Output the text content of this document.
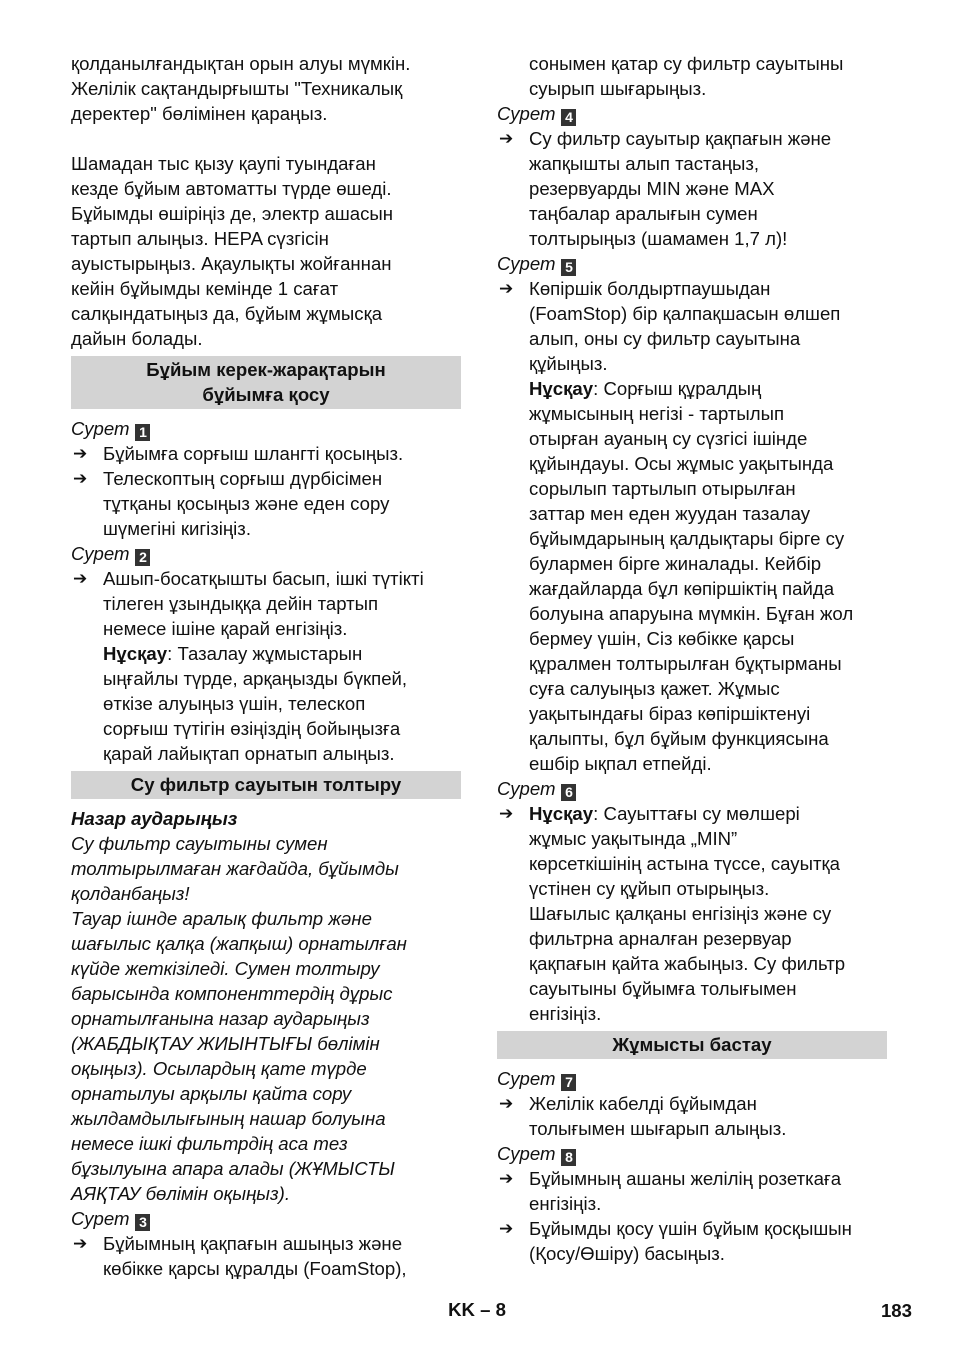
қолданылғандықтан орын алуы мүмкін.
Желілік сақтандырғышты "Техникалық
деректер" бөлімінен қараңыз.

Шамадан тыс қызу қаупі туындаған
кезде бұйым автоматты түрде өшеді.
Бұйымды өшіріңіз де, электр ашасын
тартып алыңыз. HEPA сүзгісін
ауыстырыңыз. Ақаулықты жойғаннан
кейін бұйымды кемінде 1 сағат
салқындатыңыз да, бұйым жұмысқа
дайын болады.

Бұйым керек-жарақтарын
бұйымға қосу
Сурет 1
➔ Бұйымға сорғыш шлангті қосыңыз.
➔ Телескоптың сорғыш дүрбісімен
тұтқаны қосыңыз және еден сору
шүмегіні кигізіңіз.
Сурет 2
➔ Ашып-босатқышты басып, ішкі түтікті
тілеген ұзындыққа дейін тартып
немесе ішіне қарай енгізіңіз.
Нұсқау: Тазалау жұмыстарын
ыңғайлы түрде, арқаңызды бүкпей,
өткізе алуыңыз үшін, телескоп
сорғыш түтігін өзіңіздің бойыңызға
қарай лайықтап орнатып алыңыз.
Су фильтр сауытын толтыру
Назар аударыңыз
Су фильтр сауытыны сумен
толтырылмаған жағдайда, бұйымды
қолданбаңыз!
Тауар ішнде аралық фильтр және
шағылыс қалқа (жапқыш) орнатылған
күйде жеткізіледі. Сумен толтыру
барысында компоненттердің дұрыс
орнатылғанына назар аударыңыз
(ЖАБДЫҚТАУ ЖИЫНТЫҒЫ бөлімін
оқыңыз). Осылардың қате түрде
орнатылуы арқылы қайта сору
жылдамдылығының нашар болуына
немесе ішкі фильтрдің аса тез
бұзылуына апара алады (ЖҰМЫСТЫ
АЯҚТАУ бөлімін оқыңыз).
Сурет 3
➔ Бұйымның қақпағын ашыңыз және
көбікке қарсы құралды (FoamStop),
сонымен қатар су фильтр сауытыны
суырып шығарыңыз.
Сурет 4
➔ Су фильтр сауытыр қақпағын және
жапқышты алып тастаңыз,
резервуарды MIN және MAX
таңбалар аралығын сумен
толтырыңыз (шамамен 1,7 л)!
Сурет 5
➔ Көпіршік болдыртпаушыдан
(FoamStop) бір қалпақшасын өлшеп
алып, оны су фильтр сауытына
құйыңыз.
Нұсқау: Сорғыш құралдың
жұмысының негізі - тартылып
отырған ауаның су сүзгісі ішінде
құйындауы. Осы жұмыс уақытында
сорылып тартылып отырылған
заттар мен еден жуудан тазалау
бұйымдарының қалдықтары бірге су
булармен бірге жиналады. Кейбір
жағдайларда бұл көпіршіктің пайда
болуына апаруына мүмкін. Бұған жол
бермеу үшін, Сіз көбікке қарсы
құралмен толтырылған бұқтырманы
суға салуыңыз қажет. Жұмыс
уақытындағы біраз көпіршіктенуі
қалыпты, бұл бұйым функциясына
ешбір ықпал етпейді.
Сурет 6
➔ Нұсқау: Сауыттағы су мөлшері
жұмыс уақытында „MIN”
көрсеткішінің астына түссе, сауытқа
үстінен су құйып отырыңыз.
Шағылыс қалқаны енгізіңіз және су
фильтрна арналған резервуар
қақпағын қайта жабыңыз. Су фильтр
сауытыны бұйымға толығымен
енгізіңіз.
Жұмысты бастау
Сурет 7
➔ Желілік кабелді бұйымдан
толығымен шығарып алыңыз.
Сурет 8
➔ Бұйымның ашаны желілің розеткаға
енгізіңіз.
➔ Бұйымды қосу үшін бұйым қосқышын
(Қосу/Өшіру) басыңыз.
KK – 8	183
